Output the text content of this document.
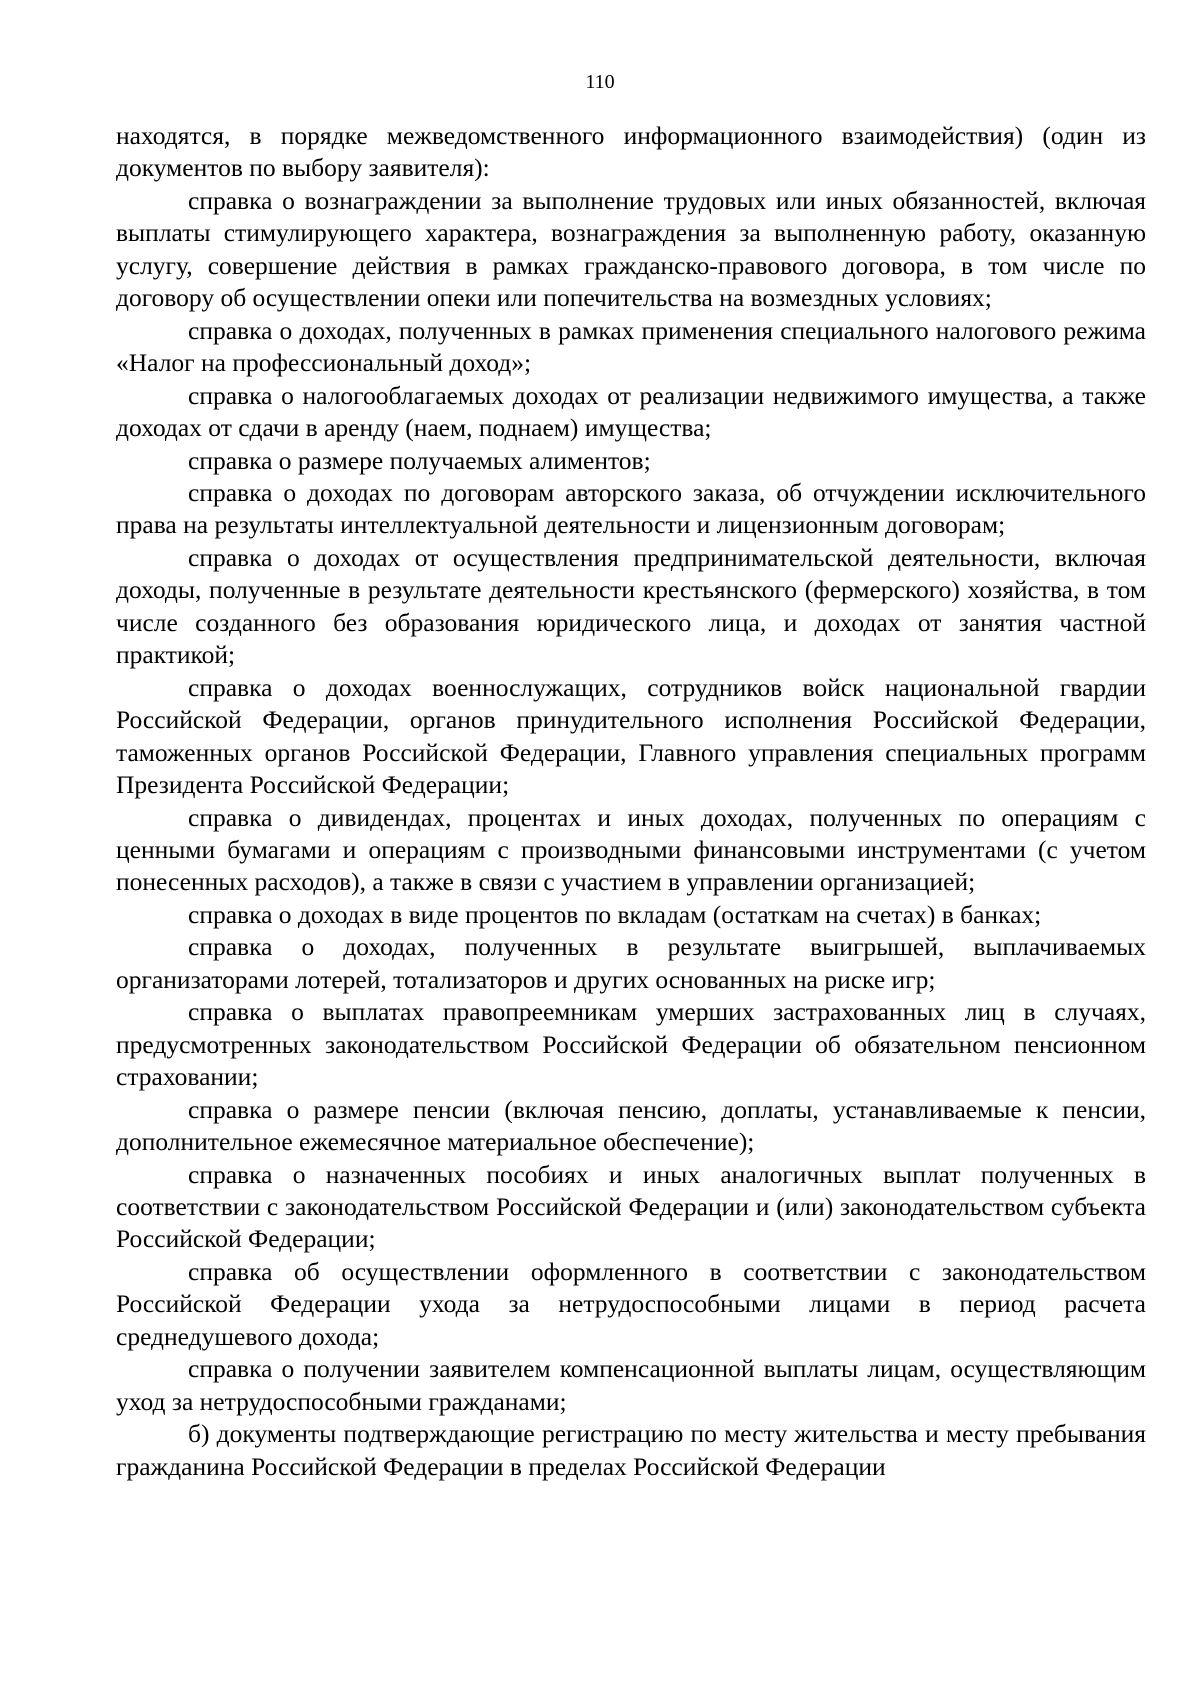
110

находятся, в порядке межведомственного информационного взаимодействия) (один из документов по выбору заявителя):

справка о вознаграждении за выполнение трудовых или иных обязанностей, включая выплаты стимулирующего характера, вознаграждения за выполненную работу, оказанную услугу, совершение действия в рамках гражданско-правового договора, в том числе по договору об осуществлении опеки или попечительства на возмездных условиях;

справка о доходах, полученных в рамках применения специального налогового режима «Налог на профессиональный доход»;

справка о налогооблагаемых доходах от реализации недвижимого имущества, а также доходах от сдачи в аренду (наем, поднаем) имущества;

справка о размере получаемых алиментов;

справка о доходах по договорам авторского заказа, об отчуждении исключительного права на результаты интеллектуальной деятельности и лицензионным договорам;

справка о доходах от осуществления предпринимательской деятельности, включая доходы, полученные в результате деятельности крестьянского (фермерского) хозяйства, в том числе созданного без образования юридического лица, и доходах от занятия частной практикой;

справка о доходах военнослужащих, сотрудников войск национальной гвардии Российской Федерации, органов принудительного исполнения Российской Федерации, таможенных органов Российской Федерации, Главного управления специальных программ Президента Российской Федерации;

справка о дивидендах, процентах и иных доходах, полученных по операциям с ценными бумагами и операциям с производными финансовыми инструментами (с учетом понесенных расходов), а также в связи с участием в управлении организацией;

справка о доходах в виде процентов по вкладам (остаткам на счетах) в банках;

справка о доходах, полученных в результате выигрышей, выплачиваемых организаторами лотерей, тотализаторов и других основанных на риске игр;

справка о выплатах правопреемникам умерших застрахованных лиц в случаях, предусмотренных законодательством Российской Федерации об обязательном пенсионном страховании;

справка о размере пенсии (включая пенсию, доплаты, устанавливаемые к пенсии, дополнительное ежемесячное материальное обеспечение);

справка о назначенных пособиях и иных аналогичных выплат полученных в соответствии с законодательством Российской Федерации и (или) законодательством субъекта Российской Федерации;

справка об осуществлении оформленного в соответствии с законодательством Российской Федерации ухода за нетрудоспособными лицами в период расчета среднедушевого дохода;

справка о получении заявителем компенсационной выплаты лицам, осуществляющим уход за нетрудоспособными гражданами;

б) документы подтверждающие регистрацию по месту жительства и месту пребывания гражданина Российской Федерации в пределах Российской Федерации
